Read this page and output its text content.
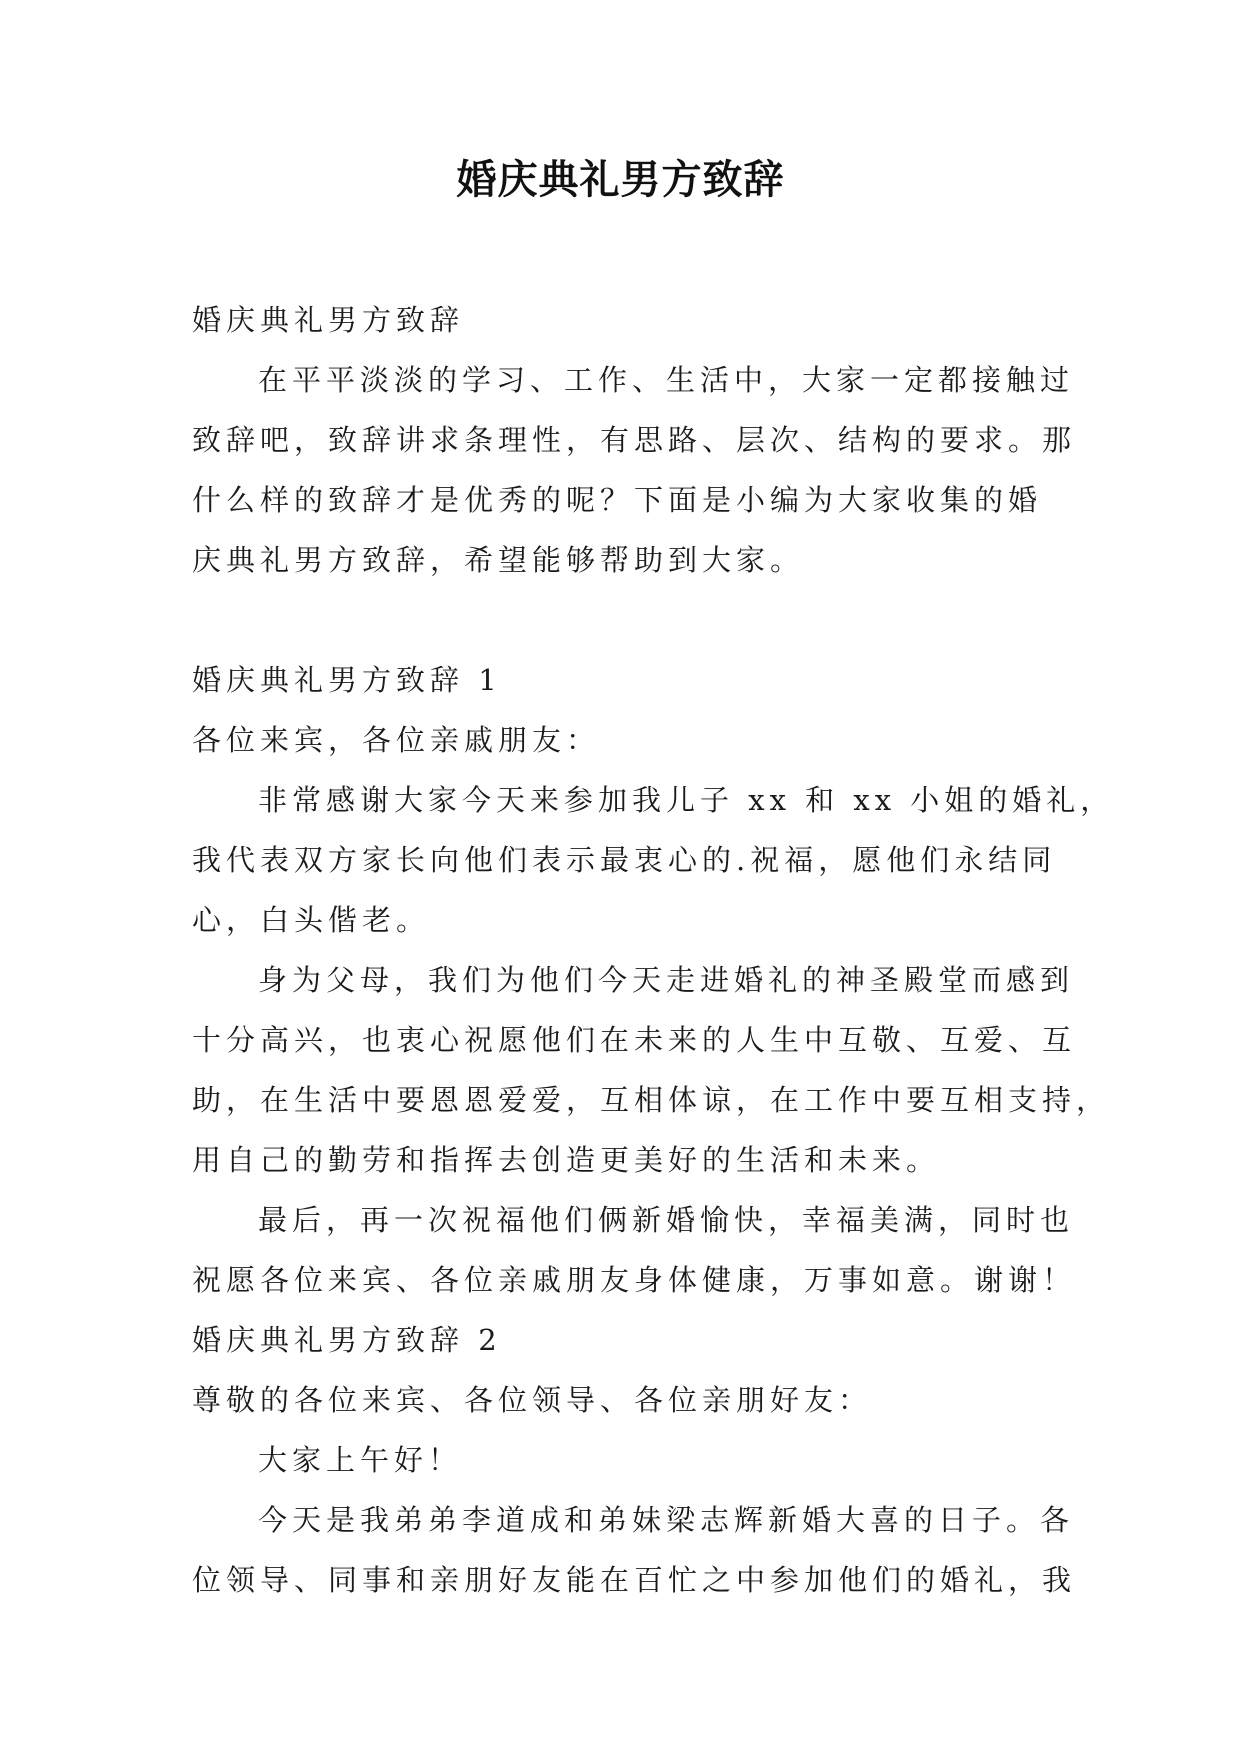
婚庆典礼男方致辞
婚庆典礼男方致辞
在平平淡淡的学习、工作、生活中，大家一定都接触过
致辞吧，致辞讲求条理性，有思路、层次、结构的要求。那
什么样的致辞才是优秀的呢？下面是小编为大家收集的婚
庆典礼男方致辞，希望能够帮助到大家。
婚庆典礼男方致辞 1
各位来宾，各位亲戚朋友：
非常感谢大家今天来参加我儿子 xx 和 xx 小姐的婚礼，
我代表双方家长向他们表示最衷心的.祝福，愿他们永结同
心，白头偕老。
身为父母，我们为他们今天走进婚礼的神圣殿堂而感到
十分高兴，也衷心祝愿他们在未来的人生中互敬、互爱、互
助，在生活中要恩恩爱爱，互相体谅，在工作中要互相支持，
用自己的勤劳和指挥去创造更美好的生活和未来。
最后，再一次祝福他们俩新婚愉快，幸福美满，同时也
祝愿各位来宾、各位亲戚朋友身体健康，万事如意。谢谢！
婚庆典礼男方致辞 2
尊敬的各位来宾、各位领导、各位亲朋好友：
大家上午好！
今天是我弟弟李道成和弟妹梁志辉新婚大喜的日子。各
位领导、同事和亲朋好友能在百忙之中参加他们的婚礼，我
